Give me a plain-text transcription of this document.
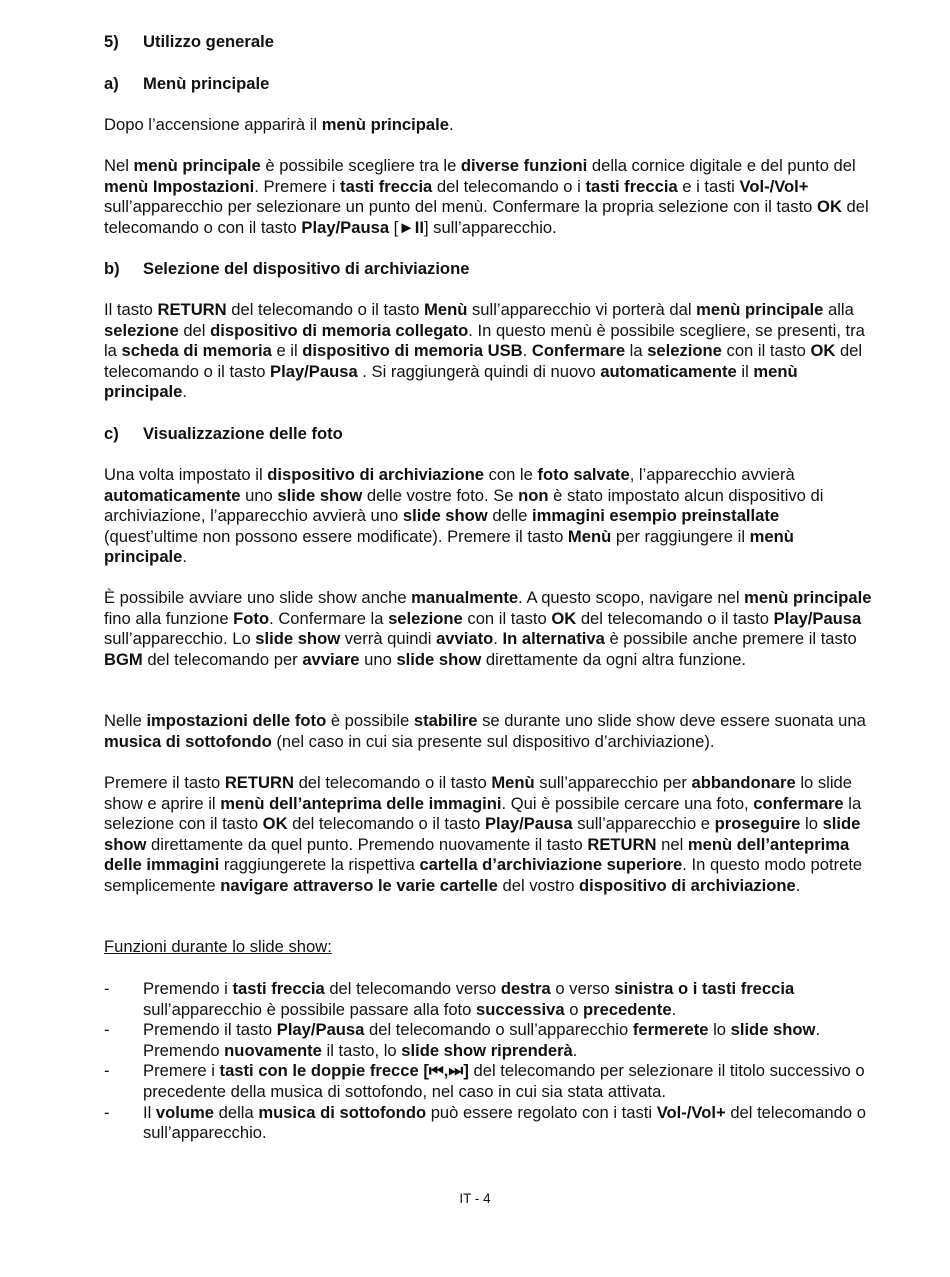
5) Utilizzo generale
a) Menù principale

Dopo l’accensione apparirà il menù principale.

Nel menù principale è possibile scegliere tra le diverse funzioni della cornice digitale e del punto del menù Impostazioni. Premere i tasti freccia del telecomando o i tasti freccia e i tasti Vol-/Vol+ sull’apparecchio per selezionare un punto del menù. Confermare la propria selezione con il tasto OK del telecomando o con il tasto Play/Pausa [►II] sull’apparecchio.

b) Selezione del dispositivo di archiviazione

Il tasto RETURN del telecomando o il tasto Menù sull’apparecchio vi porterà dal menù principale alla selezione del dispositivo di memoria collegato. In questo menù è possibile scegliere, se presenti, tra la scheda di memoria e il dispositivo di memoria USB. Confermare la selezione con il tasto OK del telecomando o il tasto Play/Pausa . Si raggiungerà quindi di nuovo automaticamente il menù principale.

c) Visualizzazione delle foto

Una volta impostato il dispositivo di archiviazione con le foto salvate, l’apparecchio avvierà automaticamente uno slide show delle vostre foto. Se non è stato impostato alcun dispositivo di archiviazione, l’apparecchio avvierà uno slide show delle immagini esempio preinstallate (quest’ultime non possono essere modificate). Premere il tasto Menù per raggiungere il menù principale.

È possibile avviare uno slide show anche manualmente. A questo scopo, navigare nel menù principale fino alla funzione Foto. Confermare la selezione con il tasto OK del telecomando o il tasto Play/Pausa sull’apparecchio. Lo slide show verrà quindi avviato. In alternativa è possibile anche premere il tasto BGM del telecomando per avviare uno slide show direttamente da ogni altra funzione.

Nelle impostazioni delle foto è possibile stabilire se durante uno slide show deve essere suonata una musica di sottofondo (nel caso in cui sia presente sul dispositivo d’archiviazione).

Premere il tasto RETURN del telecomando o il tasto Menù sull’apparecchio per abbandonare lo slide show e aprire il menù dell’anteprima delle immagini. Qui è possibile cercare una foto, confermare la selezione con il tasto OK del telecomando o il tasto Play/Pausa sull’apparecchio e proseguire lo slide show direttamente da quel punto. Premendo nuovamente il tasto RETURN nel menù dell’anteprima delle immagini raggiungerete la rispettiva cartella d’archiviazione superiore. In questo modo potrete semplicemente navigare attraverso le varie cartelle del vostro dispositivo di archiviazione.

Funzioni durante lo slide show:

- Premendo i tasti freccia del telecomando verso destra o verso sinistra o i tasti freccia sull’apparecchio è possibile passare alla foto successiva o precedente.
- Premendo il tasto Play/Pausa del telecomando o sull’apparecchio fermerete lo slide show. Premendo nuovamente il tasto, lo slide show riprenderà.
- Premere i tasti con le doppie frecce [⏮,⏭] del telecomando per selezionare il titolo successivo o precedente della musica di sottofondo, nel caso in cui sia stata attivata.
- Il volume della musica di sottofondo può essere regolato con i tasti Vol-/Vol+ del telecomando o sull’apparecchio.
IT - 4
